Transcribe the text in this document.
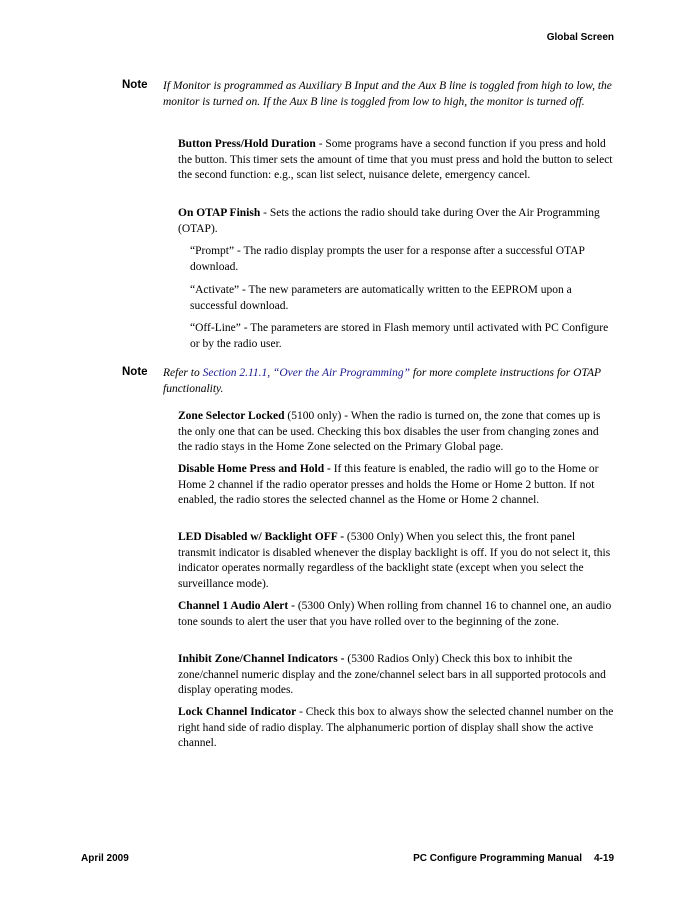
Global Screen
Note If Monitor is programmed as Auxiliary B Input and the Aux B line is toggled from high to low, the monitor is turned on. If the Aux B line is toggled from low to high, the monitor is turned off.

Button Press/Hold Duration - Some programs have a second function if you press and hold the button. This timer sets the amount of time that you must press and hold the button to select the second function: e.g., scan list select, nuisance delete, emergency cancel.

On OTAP Finish - Sets the actions the radio should take during Over the Air Programming (OTAP).

“Prompt” - The radio display prompts the user for a response after a successful OTAP download.

“Activate” - The new parameters are automatically written to the EEPROM upon a successful download.

“Off-Line” - The parameters are stored in Flash memory until activated with PC Configure or by the radio user.

Note Refer to Section 2.11.1, “Over the Air Programming” for more complete instructions for OTAP functionality.

Zone Selector Locked (5100 only) - When the radio is turned on, the zone that comes up is the only one that can be used. Checking this box disables the user from changing zones and the radio stays in the Home Zone selected on the Primary Global page.

Disable Home Press and Hold - If this feature is enabled, the radio will go to the Home or Home 2 channel if the radio operator presses and holds the Home or Home 2 button. If not enabled, the radio stores the selected channel as the Home or Home 2 channel.

LED Disabled w/ Backlight OFF - (5300 Only) When you select this, the front panel transmit indicator is disabled whenever the display backlight is off. If you do not select it, this indicator operates normally regardless of the backlight state (except when you select the surveillance mode).

Channel 1 Audio Alert - (5300 Only) When rolling from channel 16 to channel one, an audio tone sounds to alert the user that you have rolled over to the beginning of the zone.

Inhibit Zone/Channel Indicators - (5300 Radios Only) Check this box to inhibit the zone/channel numeric display and the zone/channel select bars in all supported protocols and display operating modes.

Lock Channel Indicator - Check this box to always show the selected channel number on the right hand side of radio display. The alphanumeric portion of display shall show the active channel.

April 2009	PC Configure Programming Manual 4-19
